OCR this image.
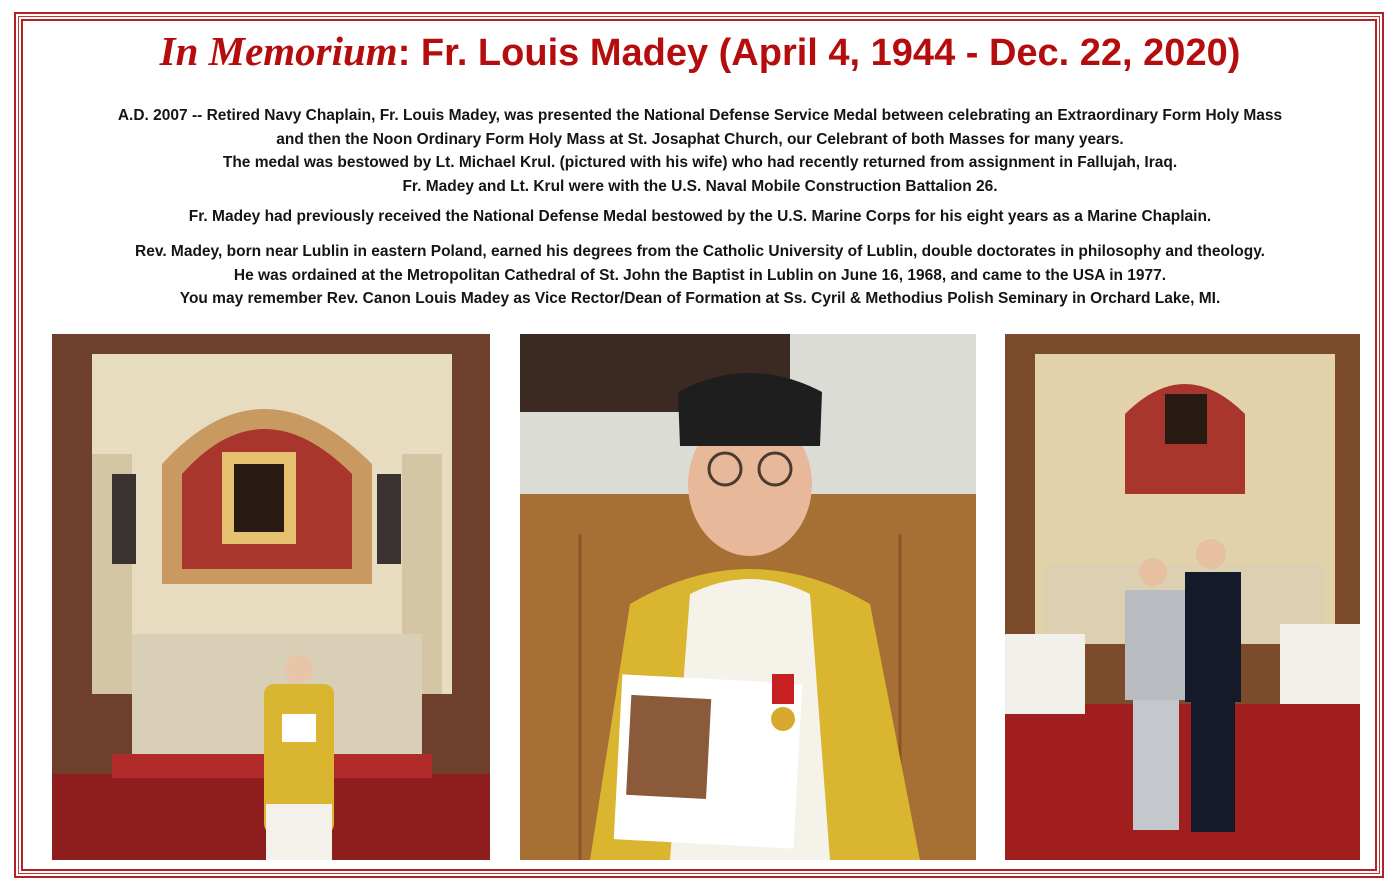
In Memorium: Fr. Louis Madey (April 4, 1944 - Dec. 22, 2020)
A.D. 2007 -- Retired Navy Chaplain, Fr. Louis Madey, was presented the National Defense Service Medal between celebrating an Extraordinary Form Holy Mass
and then the Noon Ordinary Form Holy Mass at St. Josaphat Church, our Celebrant of both Masses for many years.
The medal was bestowed by Lt. Michael Krul. (pictured with his wife) who had recently returned from assignment in Fallujah, Iraq.
Fr. Madey and Lt. Krul were with the U.S. Naval Mobile Construction Battalion 26.
Fr. Madey had previously received the National Defense Medal bestowed by the U.S. Marine Corps for his eight years as a Marine Chaplain.
Rev. Madey, born near Lublin in eastern Poland, earned his degrees from the Catholic University of Lublin, double doctorates in philosophy and theology.
He was ordained at the Metropolitan Cathedral of St. John the Baptist in Lublin on June 16, 1968, and came to the USA in 1977.
You may remember Rev. Canon Louis Madey as Vice Rector/Dean of Formation at Ss. Cyril & Methodius Polish Seminary in Orchard Lake, MI.
